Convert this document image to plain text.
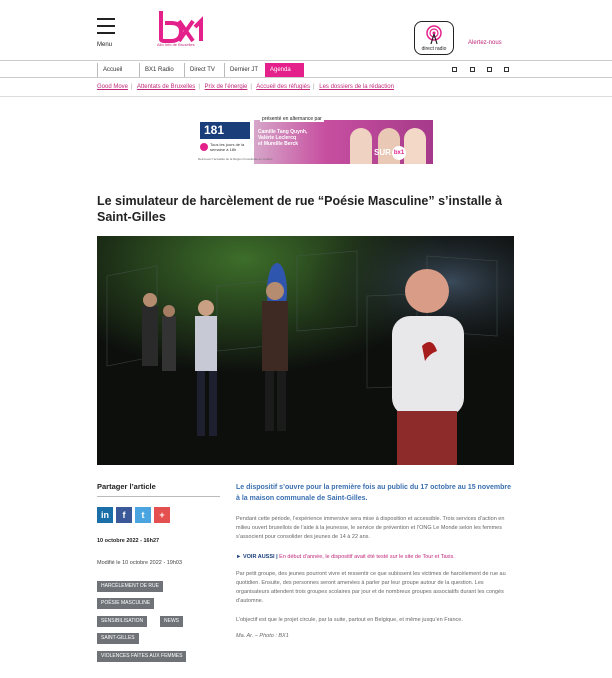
Menu	Allo Info de Bruxelles
direct radio
Alertez-nous
Accueil	BX1 Radio	Direct TV	Dernier JT	Agenda
Good Move | Attentats de Bruxelles | Prix de l'énergie | Accueil des réfugiés | Les dossiers de la rédaction
181
Tous les jours de la semaine à 18h
présenté en alternance par
Camille Tang Quynh,
Valérie Leclercq
et Mureille Berck
SUR bx1
Retrouvez l'actualité de la Région bruxelloise en continu
Le simulateur de harcèlement de rue “Poésie Masculine” s’installe à Saint-Gilles
Partager l’article
in	f	t	+
10 octobre 2022 - 16h27
Modifié le 10 octobre 2022 - 19h03
HARCÈLEMENT DE RUE
POÉSIE MASCULINE
SENSIBILISATION	NEWS
SAINT-GILLES
VIOLENCES FAITES AUX FEMMES
Le dispositif s’ouvre pour la première fois au public du 17 octobre au 15 novembre à la maison communale de Saint-Gilles.
Pendant cette période, l’expérience immersive sera mise à disposition et accessible. Trois services d’action en milieu ouvert bruxellois de l’aide à la jeunesse, le service de prévention et l’ONG Le Monde selon les femmes s’associent pour consolider des jeunes de 14 à 22 ans.
► VOIR AUSSI | En début d’année, le dispositif avait été testé sur le site de Tour et Taxis.
Par petit groupe, des jeunes pourront vivre et ressentir ce que subissent les victimes de harcèlement de rue au quotidien. Ensuite, des personnes seront amenées à parler par leur groupe autour de la question. Les organisateurs attendent trois groupes scolaires par jour et de nombreux groupes associatifs durant les congés d’automne.
L’objectif est que le projet circule, par la suite, partout en Belgique, et même jusqu’en France.
Ma. Ar. – Photo : BX1
